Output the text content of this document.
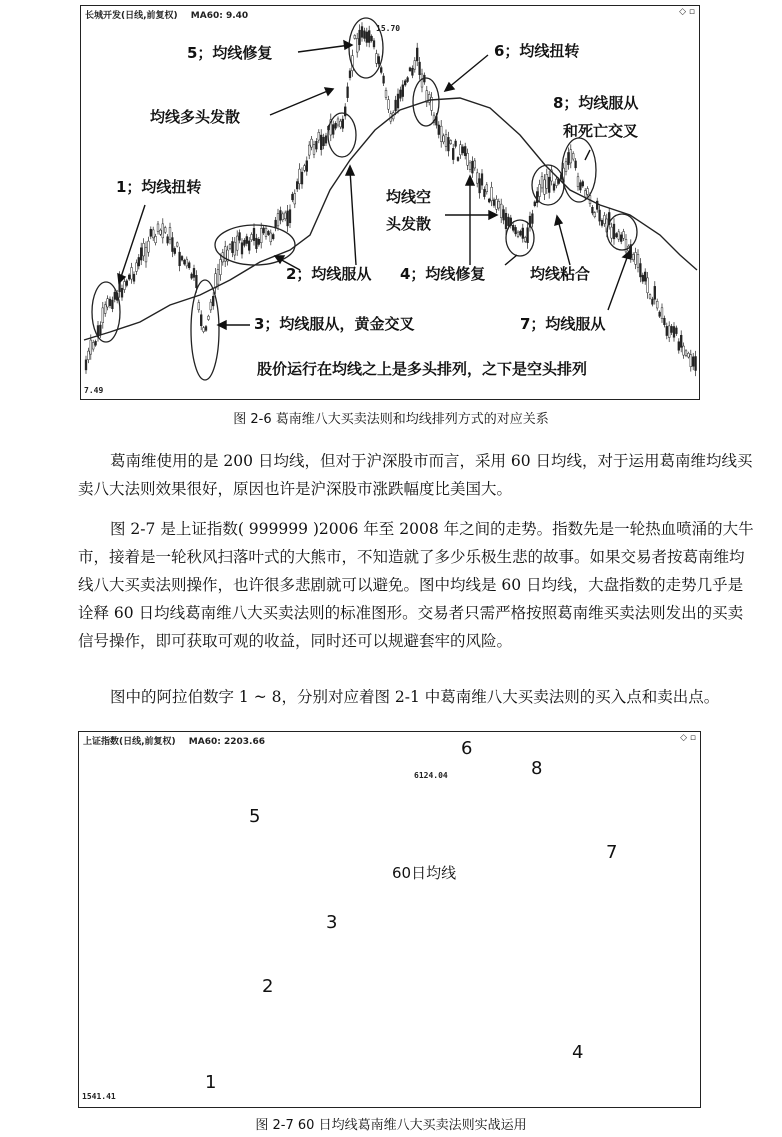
长城开发(日线,前复权) MA60: 9.40	◇ ▫
15.70
7.49
5；均线修复	6；均线扭转
8；均线服从
和死亡交叉
均线多头发散
1；均线扭转
均线空
头发散
2；均线服从 4；均线修复	均线粘合
3；均线服从，黄金交叉	7；均线服从
股价运行在均线之上是多头排列，之下是空头排列
图 2-6 葛南维八大买卖法则和均线排列方式的对应关系
葛南维使用的是 200 日均线，但对于沪深股市而言，采用 60 日均线，对于运用葛南维均线买卖八大法则效果很好，原因也许是沪深股市涨跌幅度比美国大。
图 2-7 是上证指数( 999999 )2006 年至 2008 年之间的走势。指数先是一轮热血喷涌的大牛市，接着是一轮秋风扫落叶式的大熊市，不知造就了多少乐极生悲的故事。如果交易者按葛南维均线八大买卖法则操作，也许很多悲剧就可以避免。图中均线是 60 日均线，大盘指数的走势几乎是诠释 60 日均线葛南维八大买卖法则的标准图形。交易者只需严格按照葛南维买卖法则发出的买卖信号操作，即可获取可观的收益，同时还可以规避套牢的风险。
图中的阿拉伯数字 1 ~ 8，分别对应着图 2-1 中葛南维八大买卖法则的买入点和卖出点。
上证指数(日线,前复权) MA60: 2203.66	◇ ▫
6124.04
1541.41
1
2
3
4
5
6
7
8
60日均线
图 2-7 60 日均线葛南维八大买卖法则实战运用
